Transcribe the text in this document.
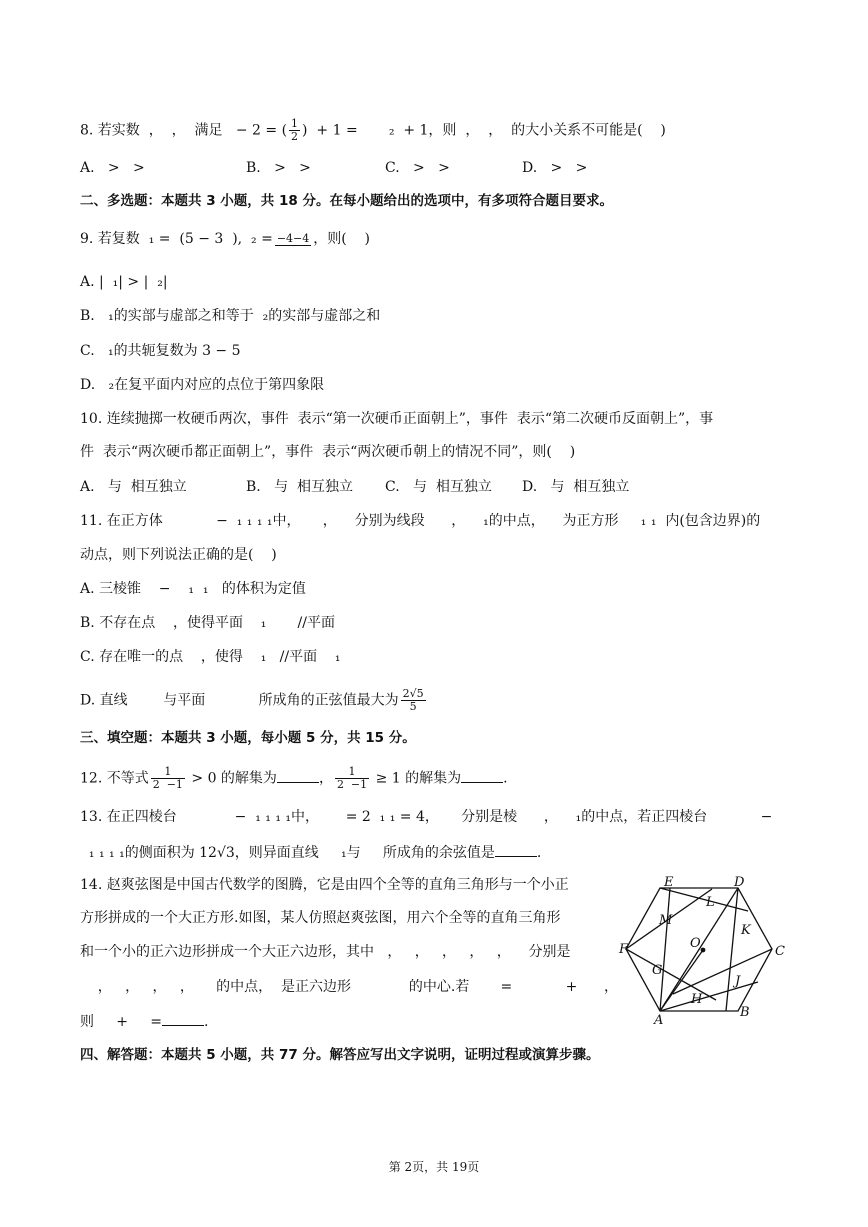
8. 若实数  ，  ，  满足   − 2 = ( $\frac{1}{2}$ )  + 1 =       ₂  + 1，则  ，  ，  的大小关系不可能是(    )
A.   >   >	B.   >   >	C.   >   >	D.   >   >
二、多选题：本题共 3 小题，共 18 分。在每小题给出的选项中，有多项符合题目要求。
9. 若复数  ₁ =  (5 − 3  ),  ₂ = −4−4 ，则(    )
A. |  ₁| > |  ₂|
B.   ₁的实部与虚部之和等于  ₂的实部与虚部之和
C.   ₁的共轭复数为 3 − 5
D.   ₂在复平面内对应的点位于第四象限
10. 连续抛掷一枚硬币两次，事件  表示“第一次硬币正面朝上”，事件  表示“第二次硬币反面朝上”，事
件  表示“两次硬币都正面朝上”，事件  表示“两次硬币朝上的情况不同”，则(    )
A.   与  相互独立	B.   与  相互独立 C.   与  相互独立 D.   与  相互独立
11. 在正方体            −  ₁ ₁ ₁ ₁中，     ，    分别为线段      ，    ₁的中点，    为正方形     ₁ ₁  内(包含边界)的
动点，则下列说法正确的是(    )
A. 三棱锥    −    ₁  ₁   的体积为定值
B. 不存在点    ，使得平面    ₁       //平面
C. 存在唯一的点    ，使得    ₁   //平面    ₁
D. 直线        与平面            所成角的正弦值最大为 $\frac{2√5}{5}$
三、填空题：本题共 3 小题，每小题 5 分，共 15 分。
12. 不等式 $\frac{1}{2 -1} > 0$ 的解集为	， $\frac{1}{2 -1} \ge 1$ 的解集为	.
13. 在正四棱台             −  ₁ ₁ ₁ ₁中，      = 2  ₁ ₁ = 4，     分别是棱      ，    ₁的中点，若正四棱台            −
₁ ₁ ₁ ₁的侧面积为 12√3，则异面直线     ₁与     所成角的余弦值是	.
14. 赵爽弦图是中国古代数学的图腾，它是由四个全等的直角三角形与一个小正
方形拼成的一个大正方形.如图，某人仿照赵爽弦图，用六个全等的直角三角形
和一个小的正六边形拼成一个大正六边形，其中   ，   ，   ，   ，   ，    分别是
，   ，   ，   ，     的中点，  是正六边形             的中心.若       =            +      ，
则     +     =	.
E	D
L
M
K
F	O
C
G
J
H
A
B
四、解答题：本题共 5 小题，共 77 分。解答应写出文字说明，证明过程或演算步骤。
第 2页，共 19页
